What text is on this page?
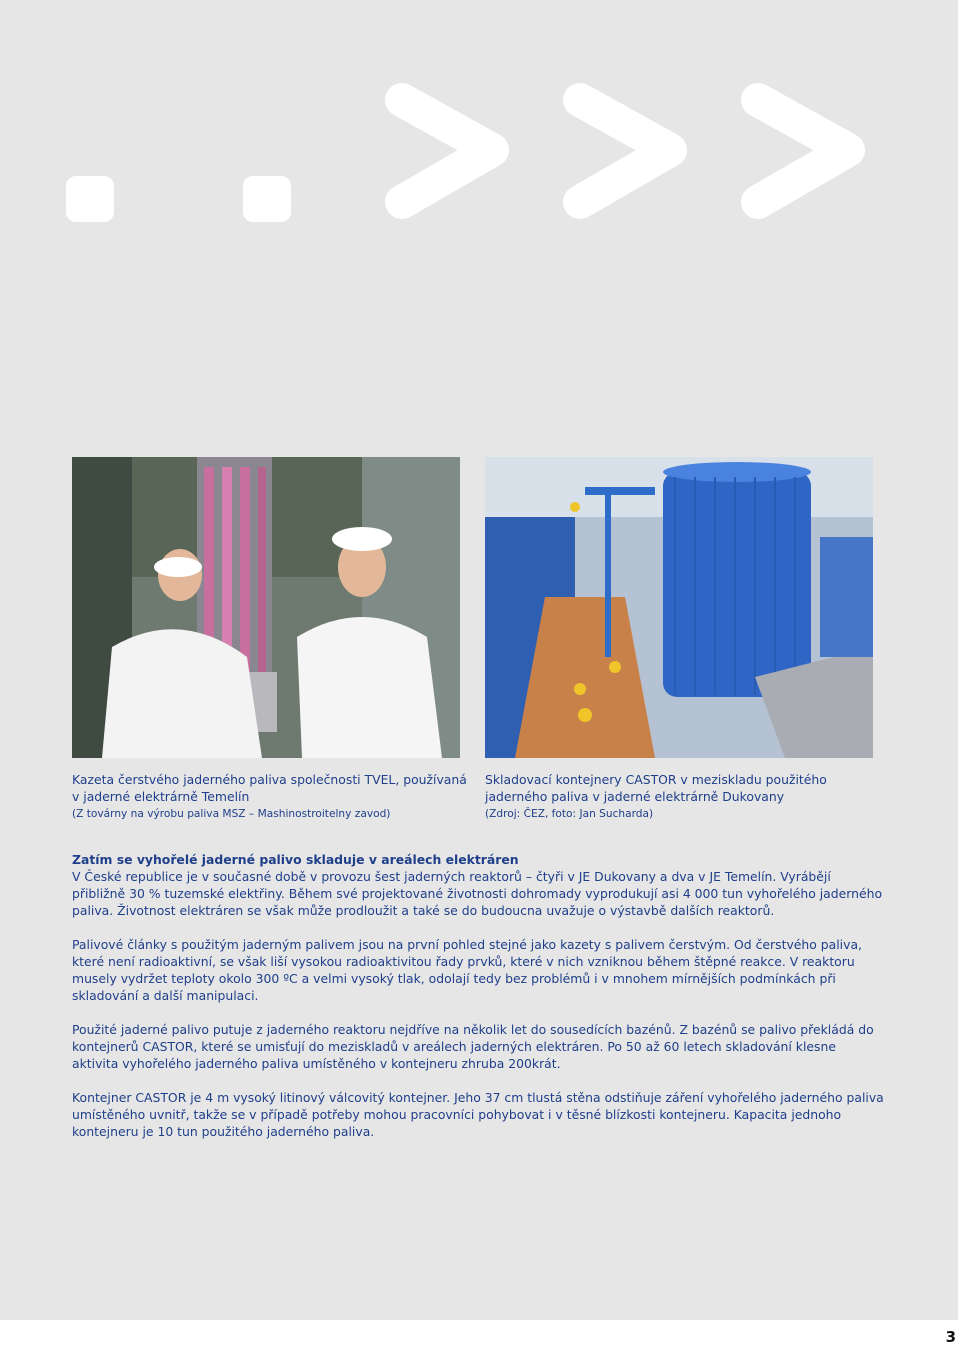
Kazeta čerstvého jaderného paliva společnosti TVEL, používaná
v jaderné elektrárně Temelín
(Z továrny na výrobu paliva MSZ – Mashinostroitelny zavod)
Skladovací kontejnery CASTOR v meziskladu použitého
jaderného paliva v jaderné elektrárně Dukovany
(Zdroj: ČEZ, foto: Jan Sucharda)
Zatím se vyhořelé jaderné palivo skladuje v areálech elektráren

V České republice je v současné době v provozu šest jaderných reaktorů – čtyři v JE Dukovany a dva v JE Temelín. Vyrábějí přibližně 30 % tuzemské elektřiny. Během své projektované životnosti dohromady vyprodukují asi 4 000 tun vyhořelého jaderného paliva. Životnost elektráren se však může prodloužit a také se do budoucna uvažuje o výstavbě dalších reaktorů.

Palivové články s použitým jaderným palivem jsou na první pohled stejné jako kazety s palivem čerstvým. Od čerstvého paliva, které není radioaktivní, se však liší vysokou radioaktivitou řady prvků, které v nich vzniknou během štěpné reakce. V reaktoru musely vydržet teploty okolo 300 ºC a velmi vysoký tlak, odolají tedy bez problémů i v mnohem mírnějších podmínkách při skladování a další manipulaci.

Použité jaderné palivo putuje z jaderného reaktoru nejdříve na několik let do sousedících bazénů. Z bazénů se palivo překládá do kontejnerů CASTOR, které se umisťují do meziskladů v areálech jaderných elektráren. Po 50 až 60 letech skladování klesne aktivita vyhořelého jaderného paliva umístěného v kontejneru zhruba 200krát.

Kontejner CASTOR je 4 m vysoký litinový válcovitý kontejner. Jeho 37 cm tlustá stěna odstiňuje záření vyhořelého jaderného paliva umístěného uvnitř, takže se v případě potřeby mohou pracovníci pohybovat i v těsné blízkosti kontejneru. Kapacita jednoho kontejneru je 10 tun použitého jaderného paliva.

3
